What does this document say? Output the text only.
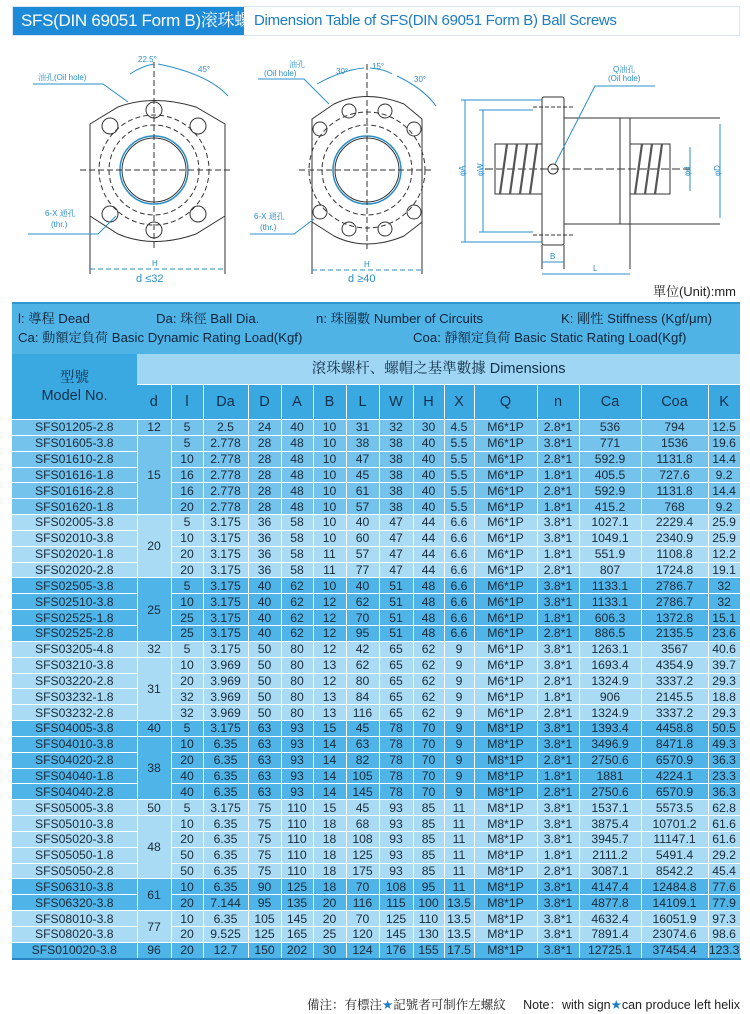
SFS(DIN 69051 Form B)滚珠螺杆规格表
Dimension Table of SFS(DIN 69051 Form B) Ball Screws
22.5°
45°
油孔(Oil hole)
6-X 通孔
(thr.)
H
d ≤32
油孔
(Oil hole)	30°
15°
30°
6-X 通孔
(thr.)
H
d ≥40
φA φW	φd	φD
Q油孔
(Oil hole)
B
L
單位(Unit):mm
l: 導程 Dead	Da: 珠徑 Ball Dia.	n: 珠圈數 Number of Circuits	K: 剛性 Stiffness (Kgf/μm)
Ca: 動額定負荷 Basic Dynamic Rating Load(Kgf)	Coa: 靜額定負荷 Basic Static Rating Load(Kgf)
型號
Model No.	滾珠螺杆、螺帽之基準數據 Dimensions														
	d	l	Da	D	A	B	L	W	H	X	Q	n	Ca	Coa	K
SFS01205-2.8	12	5	2.5	24	40	10	31	32	30	4.5	M6*1P	2.8*1	536	794	12.5
SFS01605-3.8	15	5	2.778	28	48	10	38	38	40	5.5	M6*1P	3.8*1	771	1536	19.6
SFS01610-2.8		10	2.778	28	48	10	47	38	40	5.5	M6*1P	2.8*1	592.9	1131.8	14.4
SFS01616-1.8		16	2.778	28	48	10	45	38	40	5.5	M6*1P	1.8*1	405.5	727.6	9.2
SFS01616-2.8		16	2.778	28	48	10	61	38	40	5.5	M6*1P	2.8*1	592.9	1131.8	14.4
SFS01620-1.8		20	2.778	28	48	10	57	38	40	5.5	M6*1P	1.8*1	415.2	768	9.2
SFS02005-3.8	20	5	3.175	36	58	10	40	47	44	6.6	M6*1P	3.8*1	1027.1	2229.4	25.9
SFS02010-3.8		10	3.175	36	58	10	60	47	44	6.6	M6*1P	3.8*1	1049.1	2340.9	25.9
SFS02020-1.8		20	3.175	36	58	11	57	47	44	6.6	M6*1P	1.8*1	551.9	1108.8	12.2
SFS02020-2.8		20	3.175	36	58	11	77	47	44	6.6	M6*1P	2.8*1	807	1724.8	19.1
SFS02505-3.8	25	5	3.175	40	62	10	40	51	48	6.6	M6*1P	3.8*1	1133.1	2786.7	32
SFS02510-3.8		10	3.175	40	62	12	62	51	48	6.6	M6*1P	3.8*1	1133.1	2786.7	32
SFS02525-1.8		25	3.175	40	62	12	70	51	48	6.6	M6*1P	1.8*1	606.3	1372.8	15.1
SFS02525-2.8		25	3.175	40	62	12	95	51	48	6.6	M6*1P	2.8*1	886.5	2135.5	23.6
SFS03205-4.8	32	5	3.175	50	80	12	42	65	62	9	M6*1P	3.8*1	1263.1	3567	40.6
SFS03210-3.8	31	10	3.969	50	80	13	62	65	62	9	M6*1P	3.8*1	1693.4	4354.9	39.7
SFS03220-2.8		20	3.969	50	80	12	80	65	62	9	M6*1P	2.8*1	1324.9	3337.2	29.3
SFS03232-1.8		32	3.969	50	80	13	84	65	62	9	M6*1P	1.8*1	906	2145.5	18.8
SFS03232-2.8		32	3.969	50	80	13	116	65	62	9	M6*1P	2.8*1	1324.9	3337.2	29.3
SFS04005-3.8	40	5	3.175	63	93	15	45	78	70	9	M8*1P	3.8*1	1393.4	4458.8	50.5
SFS04010-3.8	38	10	6.35	63	93	14	63	78	70	9	M8*1P	3.8*1	3496.9	8471.8	49.3
SFS04020-2.8		20	6.35	63	93	14	82	78	70	9	M8*1P	2.8*1	2750.6	6570.9	36.3
SFS04040-1.8		40	6.35	63	93	14	105	78	70	9	M8*1P	1.8*1	1881	4224.1	23.3
SFS04040-2.8		40	6.35	63	93	14	145	78	70	9	M8*1P	2.8*1	2750.6	6570.9	36.3
SFS05005-3.8	50	5	3.175	75	110	15	45	93	85	11	M8*1P	3.8*1	1537.1	5573.5	62.8
SFS05010-3.8	48	10	6.35	75	110	18	68	93	85	11	M8*1P	3.8*1	3875.4	10701.2	61.6
SFS05020-3.8		20	6.35	75	110	18	108	93	85	11	M8*1P	3.8*1	3945.7	11147.1	61.6
SFS05050-1.8		50	6.35	75	110	18	125	93	85	11	M8*1P	1.8*1	2111.2	5491.4	29.2
SFS05050-2.8		50	6.35	75	110	18	175	93	85	11	M8*1P	2.8*1	3087.1	8542.2	45.4
SFS06310-3.8	61	10	6.35	90	125	18	70	108	95	11	M8*1P	3.8*1	4147.4	12484.8	77.6
SFS06320-3.8		20	7.144	95	135	20	116	115	100	13.5	M8*1P	3.8*1	4877.8	14109.1	77.9
SFS08010-3.8	77	10	6.35	105	145	20	70	125	110	13.5	M8*1P	3.8*1	4632.4	16051.9	97.3
SFS08020-3.8		20	9.525	125	165	25	120	145	130	13.5	M8*1P	3.8*1	7891.4	23074.6	98.6
SFS010020-3.8	96	20	12.7	150	202	30	124	176	155	17.5	M8*1P	3.8*1	12725.1	37454.4	123.3
備注：有標注★記號者可制作左螺紋 Note：with sign★can produce left helix
